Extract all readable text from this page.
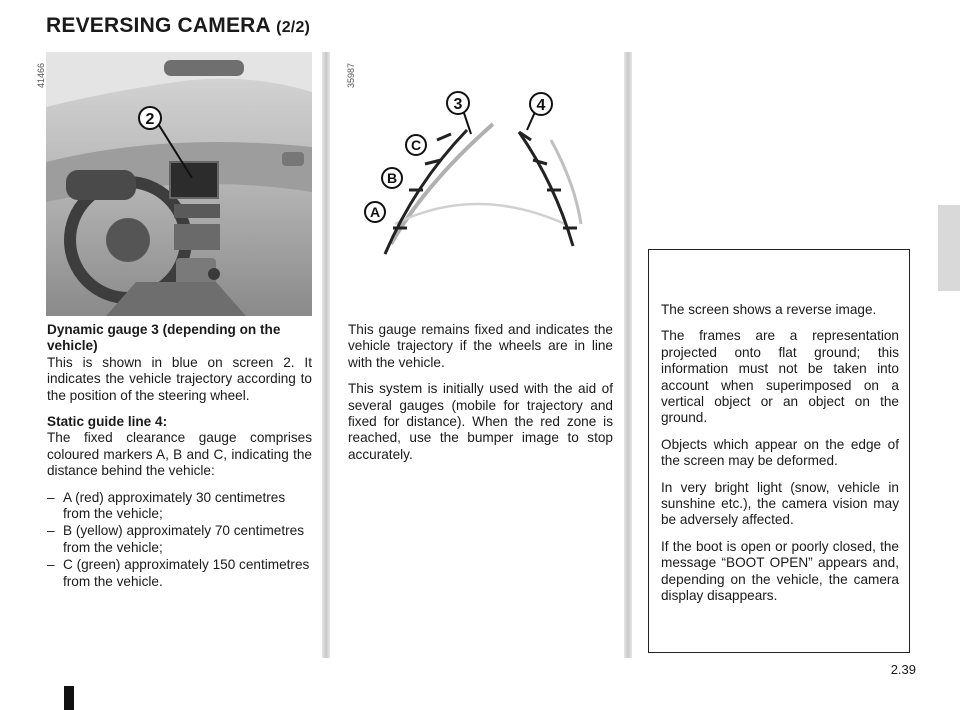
REVERSING CAMERA (2/2)
41466	35987
2
3	4
C
B
A
Dynamic gauge 3 (depending on the vehicle)

This is shown in blue on screen 2. It indicates the vehicle trajectory according to the position of the steering wheel.

Static guide line 4:

The fixed clearance gauge comprises coloured markers A, B and C, indicating the distance behind the vehicle:

– A (red) approximately 30 centimetres from the vehicle;
– B (yellow) approximately 70 centimetres from the vehicle;
– C (green) approximately 150 centimetres from the vehicle.

This gauge remains fixed and indicates the vehicle trajectory if the wheels are in line with the vehicle.

This system is initially used with the aid of several gauges (mobile for trajectory and fixed for distance). When the red zone is reached, use the bumper image to stop accurately.

The screen shows a reverse image.

The frames are a representation projected onto flat ground; this information must not be taken into account when superimposed on a vertical object or an object on the ground.

Objects which appear on the edge of the screen may be deformed.

In very bright light (snow, vehicle in sunshine etc.), the camera vision may be adversely affected.

If the boot is open or poorly closed, the message “BOOT OPEN” appears and, depending on the vehicle, the camera display disappears.

2.39
